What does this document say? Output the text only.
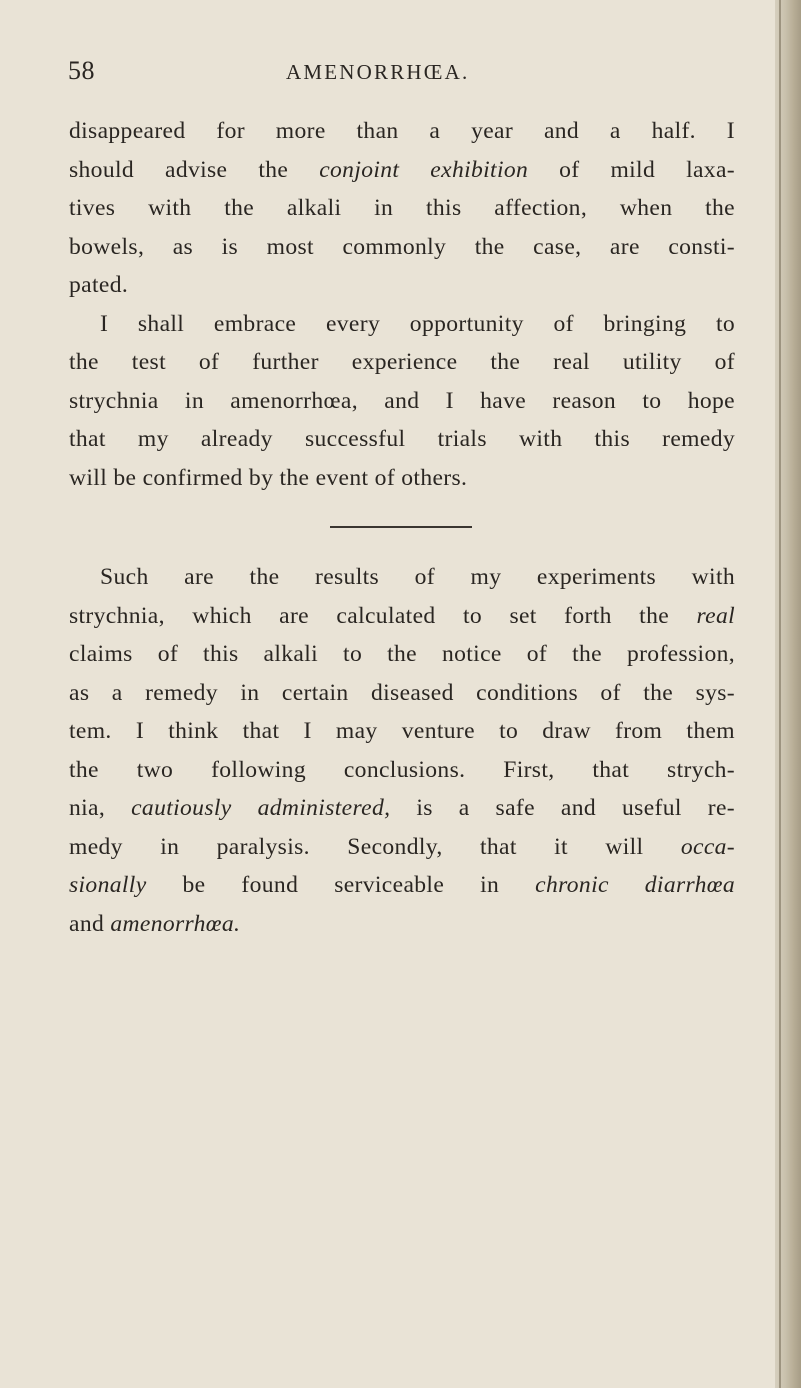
58	AMENORRHŒA.
disappeared for more than a year and a half. I
should advise the conjoint exhibition of mild laxa-
tives with the alkali in this affection, when the
bowels, as is most commonly the case, are consti-
pated.
I shall embrace every opportunity of bringing to
the test of further experience the real utility of
strychnia in amenorrhœa, and I have reason to hope
that my already successful trials with this remedy
will be confirmed by the event of others.
Such are the results of my experiments with
strychnia, which are calculated to set forth the real
claims of this alkali to the notice of the profession,
as a remedy in certain diseased conditions of the sys-
tem. I think that I may venture to draw from them
the two following conclusions. First, that strych-
nia, cautiously administered, is a safe and useful re-
medy in paralysis. Secondly, that it will occa-
sionally be found serviceable in chronic diarrhœa
and amenorrhœa.
